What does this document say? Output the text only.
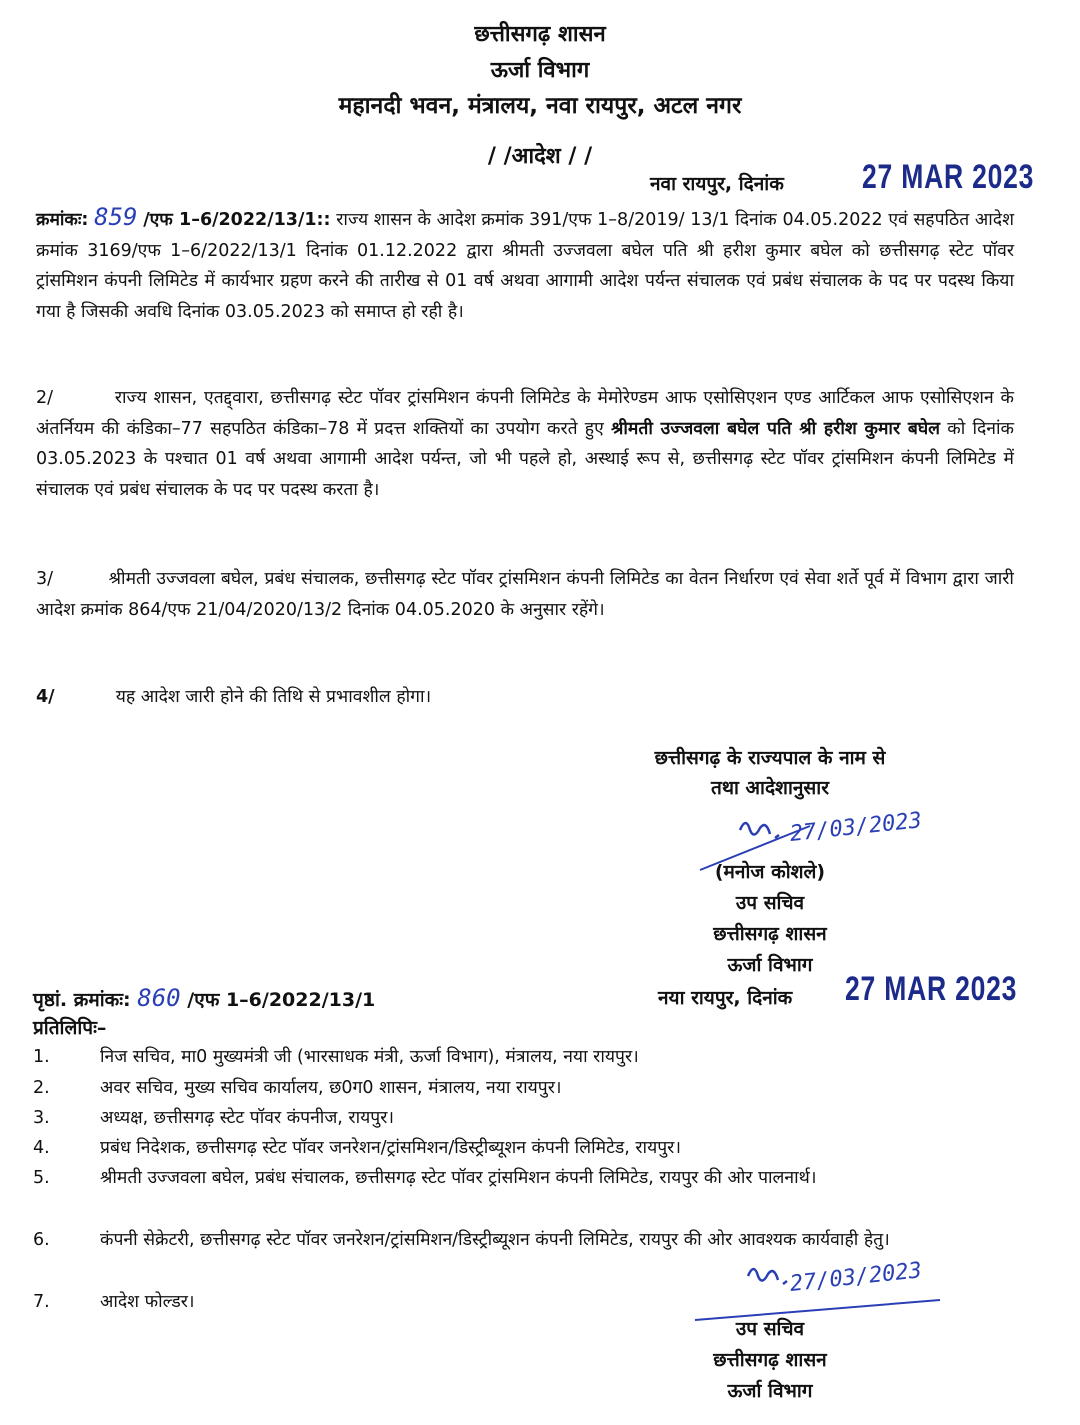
छत्तीसगढ़ शासन
ऊर्जा विभाग
महानदी भवन, मंत्रालय, नवा रायपुर, अटल नगर
/ /आदेश / /
नवा रायपुर, दिनांक 27 MAR 2023
क्रमांकः: 859 /एफ 1–6/2022/13/1:: राज्य शासन के आदेश क्रमांक 391/एफ 1–8/2019/ 13/1 दिनांक 04.05.2022 एवं सहपठित आदेश क्रमांक 3169/एफ 1–6/2022/13/1 दिनांक 01.12.2022 द्वारा श्रीमती उज्जवला बघेल पति श्री हरीश कुमार बघेल को छत्तीसगढ़ स्टेट पॉवर ट्रांसमिशन कंपनी लिमिटेड में कार्यभार ग्रहण करने की तारीख से 01 वर्ष अथवा आगामी आदेश पर्यन्त संचालक एवं प्रबंध संचालक के पद पर पदस्थ किया गया है जिसकी अवधि दिनांक 03.05.2023 को समाप्त हो रही है।
2/	राज्य शासन, एतद्द्वारा, छत्तीसगढ़ स्टेट पॉवर ट्रांसमिशन कंपनी लिमिटेड के मेमोरेण्डम आफ एसोसिएशन एण्ड आर्टिकल आफ एसोसिएशन के अंतर्नियम की कंडिका–77 सहपठित कंडिका–78 में प्रदत्त शक्तियों का उपयोग करते हुए श्रीमती उज्जवला बघेल पति श्री हरीश कुमार बघेल को दिनांक 03.05.2023 के पश्चात 01 वर्ष अथवा आगामी आदेश पर्यन्त, जो भी पहले हो, अस्थाई रूप से, छत्तीसगढ़ स्टेट पॉवर ट्रांसमिशन कंपनी लिमिटेड में संचालक एवं प्रबंध संचालक के पद पर पदस्थ करता है।
3/	श्रीमती उज्जवला बघेल, प्रबंध संचालक, छत्तीसगढ़ स्टेट पॉवर ट्रांसमिशन कंपनी लिमिटेड का वेतन निर्धारण एवं सेवा शर्ते पूर्व में विभाग द्वारा जारी आदेश क्रमांक 864/एफ 21/04/2020/13/2 दिनांक 04.05.2020 के अनुसार रहेंगे।
4/	यह आदेश जारी होने की तिथि से प्रभावशील होगा।
छत्तीसगढ़ के राज्यपाल के नाम से
तथा आदेशानुसार
27/03/2023
(मनोज कोशले)
उप सचिव
छत्तीसगढ़ शासन
ऊर्जा विभाग
पृष्ठां. क्रमांकः: 860 /एफ 1–6/2022/13/1	नया रायपुर, दिनांक 27 MAR 2023
प्रतिलिपिः–
1.	निज सचिव, मा0 मुख्यमंत्री जी (भारसाधक मंत्री, ऊर्जा विभाग), मंत्रालय, नया रायपुर।
2.	अवर सचिव, मुख्य सचिव कार्यालय, छ0ग0 शासन, मंत्रालय, नया रायपुर।
3.	अध्यक्ष, छत्तीसगढ़ स्टेट पॉवर कंपनीज, रायपुर।
4.	प्रबंध निदेशक, छत्तीसगढ़ स्टेट पॉवर जनरेशन/ट्रांसमिशन/डिस्ट्रीब्यूशन कंपनी लिमिटेड, रायपुर।
5.	श्रीमती उज्जवला बघेल, प्रबंध संचालक, छत्तीसगढ़ स्टेट पॉवर ट्रांसमिशन कंपनी लिमिटेड, रायपुर की ओर पालनार्थ।
6.	कंपनी सेक्रेटरी, छत्तीसगढ़ स्टेट पॉवर जनरेशन/ट्रांसमिशन/डिस्ट्रीब्यूशन कंपनी लिमिटेड, रायपुर की ओर आवश्यक कार्यवाही हेतु।
7.	आदेश फोल्डर।
27/03/2023
उप सचिव
छत्तीसगढ़ शासन
ऊर्जा विभाग
